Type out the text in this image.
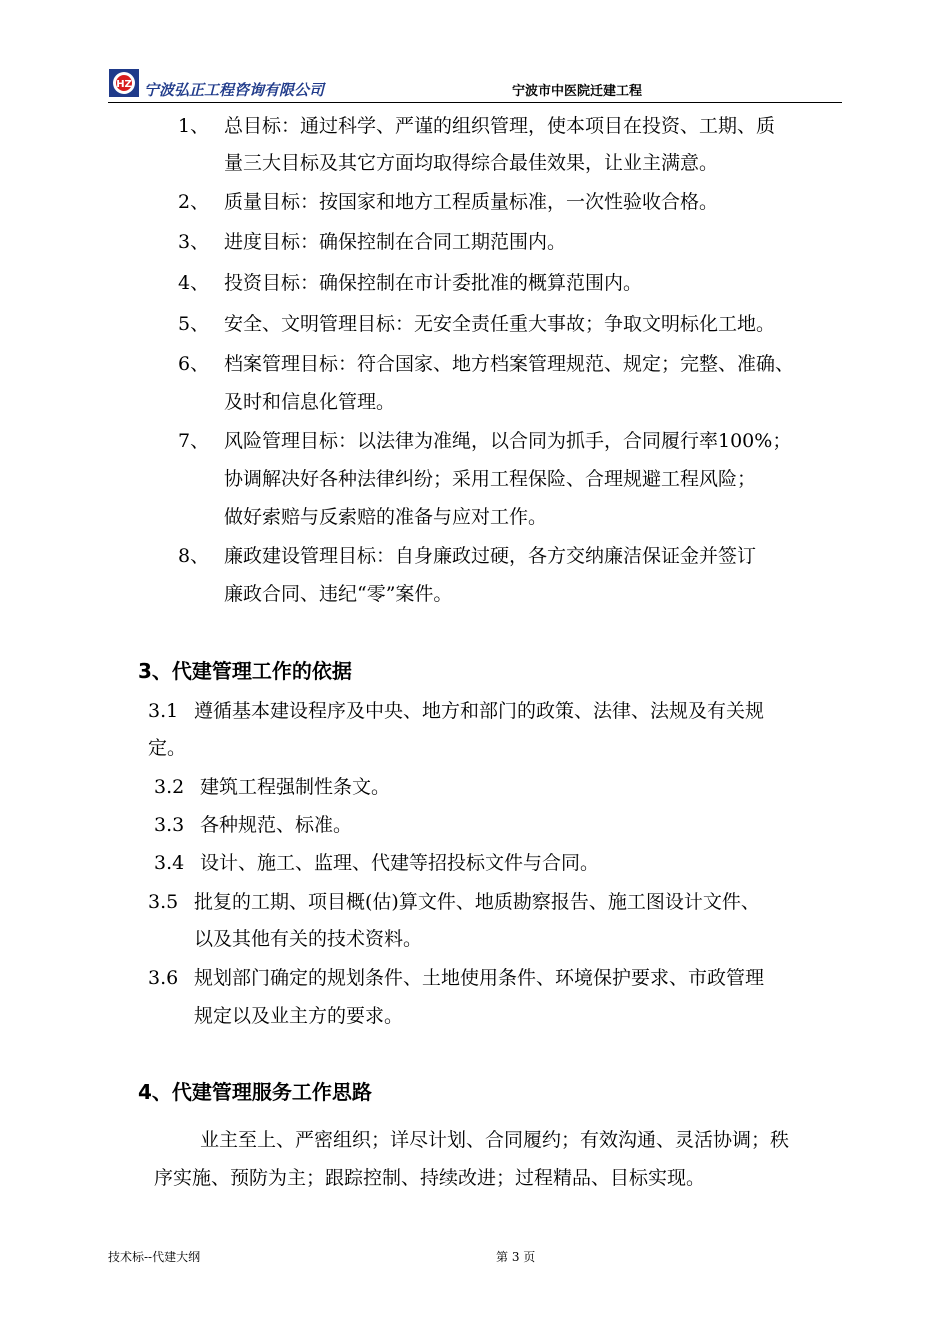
HZ 宁波弘正工程咨询有限公司	宁波市中医院迁建工程
1、 总目标：通过科学、严谨的组织管理，使本项目在投资、工期、质
量三大目标及其它方面均取得综合最佳效果，让业主满意。
2、 质量目标：按国家和地方工程质量标准，一次性验收合格。
3、 进度目标：确保控制在合同工期范围内。
4、 投资目标：确保控制在市计委批准的概算范围内。
5、 安全、文明管理目标：无安全责任重大事故；争取文明标化工地。
6、 档案管理目标：符合国家、地方档案管理规范、规定；完整、准确、
及时和信息化管理。
7、 风险管理目标：以法律为准绳，以合同为抓手，合同履行率100%；
协调解决好各种法律纠纷；采用工程保险、合理规避工程风险；
做好索赔与反索赔的准备与应对工作。
8、 廉政建设管理目标：自身廉政过硬，各方交纳廉洁保证金并签订
廉政合同、违纪“零”案件。
3、代建管理工作的依据
3.1 遵循基本建设程序及中央、地方和部门的政策、法律、法规及有关规
定。
3.2 建筑工程强制性条文。
3.3 各种规范、标准。
3.4 设计、施工、监理、代建等招投标文件与合同。
3.5 批复的工期、项目概(估)算文件、地质勘察报告、施工图设计文件、
以及其他有关的技术资料。
3.6 规划部门确定的规划条件、土地使用条件、环境保护要求、市政管理
规定以及业主方的要求。
4、代建管理服务工作思路
业主至上、严密组织；详尽计划、合同履约；有效沟通、灵活协调；秩
序实施、预防为主；跟踪控制、持续改进；过程精品、目标实现。
技术标--代建大纲	第 3 页
